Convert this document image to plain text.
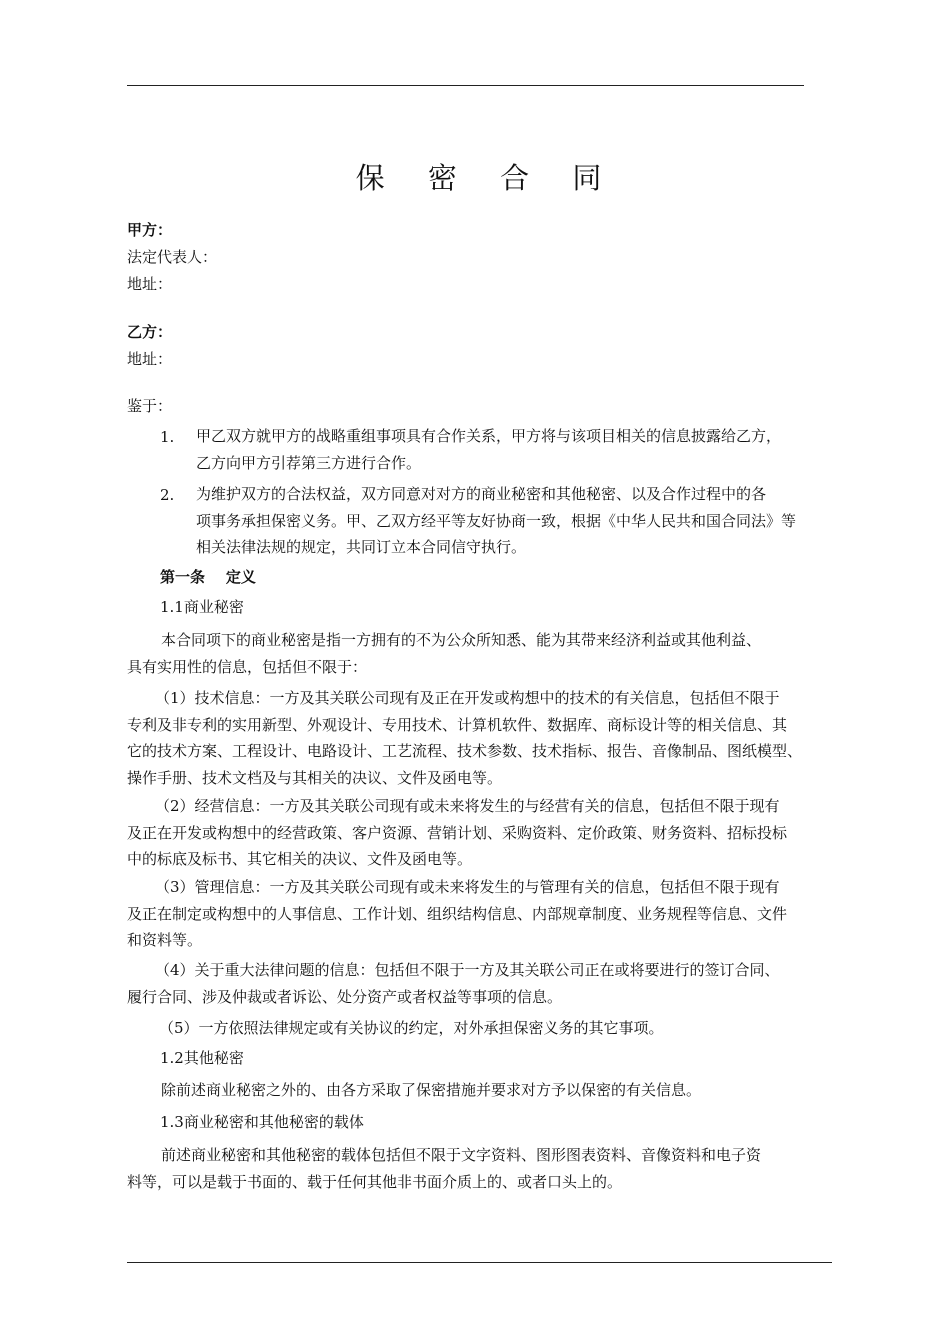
保 密 合 同
甲方：
法定代表人：
地址：
乙方：
地址：
鉴于：
1. 甲乙双方就甲方的战略重组事项具有合作关系，甲方将与该项目相关的信息披露给乙方，
乙方向甲方引荐第三方进行合作。
2. 为维护双方的合法权益，双方同意对对方的商业秘密和其他秘密、以及合作过程中的各
项事务承担保密义务。甲、乙双方经平等友好协商一致，根据《中华人民共和国合同法》等
相关法律法规的规定，共同订立本合同信守执行。
第一条    定义
1.1商业秘密
本合同项下的商业秘密是指一方拥有的不为公众所知悉、能为其带来经济利益或其他利益、
具有实用性的信息，包括但不限于：
（1）技术信息：一方及其关联公司现有及正在开发或构想中的技术的有关信息，包括但不限于
专利及非专利的实用新型、外观设计、专用技术、计算机软件、数据库、商标设计等的相关信息、其
它的技术方案、工程设计、电路设计、工艺流程、技术参数、技术指标、报告、音像制品、图纸模型、
操作手册、技术文档及与其相关的决议、文件及函电等。
（2）经营信息：一方及其关联公司现有或未来将发生的与经营有关的信息，包括但不限于现有
及正在开发或构想中的经营政策、客户资源、营销计划、采购资料、定价政策、财务资料、招标投标
中的标底及标书、其它相关的决议、文件及函电等。
（3）管理信息：一方及其关联公司现有或未来将发生的与管理有关的信息，包括但不限于现有
及正在制定或构想中的人事信息、工作计划、组织结构信息、内部规章制度、业务规程等信息、文件
和资料等。
（4）关于重大法律问题的信息：包括但不限于一方及其关联公司正在或将要进行的签订合同、
履行合同、涉及仲裁或者诉讼、处分资产或者权益等事项的信息。
（5）一方依照法律规定或有关协议的约定，对外承担保密义务的其它事项。
1.2其他秘密
除前述商业秘密之外的、由各方采取了保密措施并要求对方予以保密的有关信息。
1.3商业秘密和其他秘密的载体
前述商业秘密和其他秘密的载体包括但不限于文字资料、图形图表资料、音像资料和电子资
料等，可以是载于书面的、载于任何其他非书面介质上的、或者口头上的。
